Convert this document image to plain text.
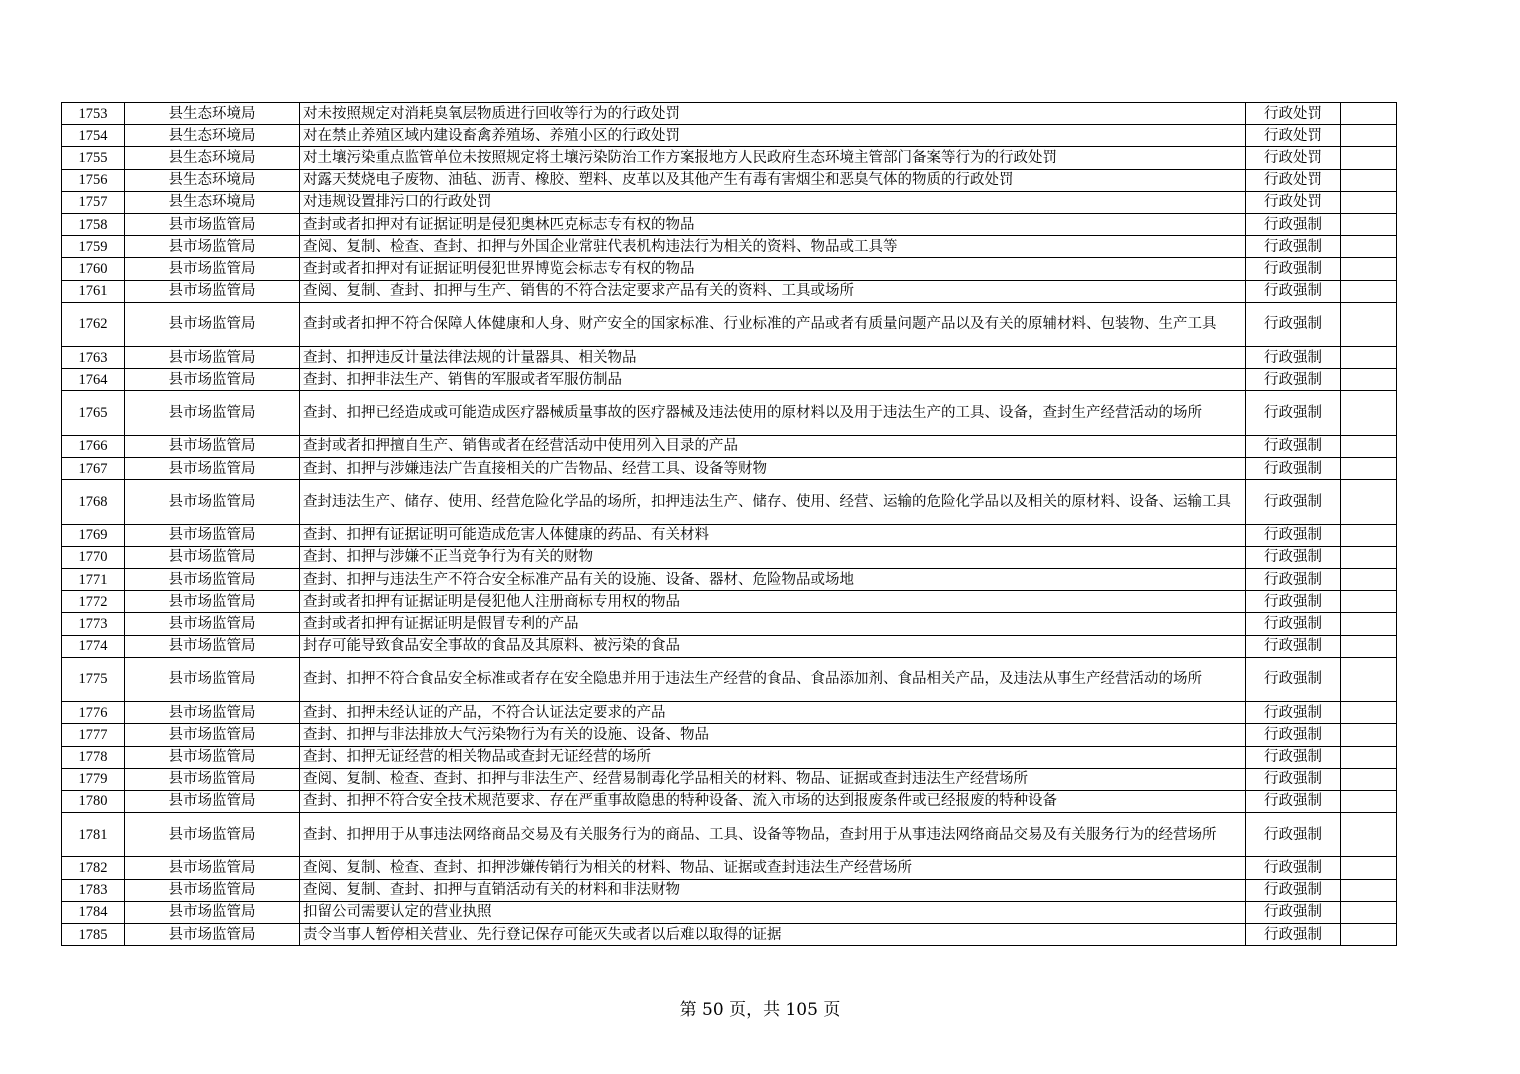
1753	县生态环境局	对未按照规定对消耗臭氧层物质进行回收等行为的行政处罚	行政处罚	
1754	县生态环境局	对在禁止养殖区域内建设畜禽养殖场、养殖小区的行政处罚	行政处罚	
1755	县生态环境局	对土壤污染重点监管单位未按照规定将土壤污染防治工作方案报地方人民政府生态环境主管部门备案等行为的行政处罚	行政处罚	
1756	县生态环境局	对露天焚烧电子废物、油毡、沥青、橡胶、塑料、皮革以及其他产生有毒有害烟尘和恶臭气体的物质的行政处罚	行政处罚	
1757	县生态环境局	对违规设置排污口的行政处罚	行政处罚	
1758	县市场监管局	查封或者扣押对有证据证明是侵犯奥林匹克标志专有权的物品	行政强制	
1759	县市场监管局	查阅、复制、检查、查封、扣押与外国企业常驻代表机构违法行为相关的资料、物品或工具等	行政强制	
1760	县市场监管局	查封或者扣押对有证据证明侵犯世界博览会标志专有权的物品	行政强制	
1761	县市场监管局	查阅、复制、查封、扣押与生产、销售的不符合法定要求产品有关的资料、工具或场所	行政强制	
1762	县市场监管局	查封或者扣押不符合保障人体健康和人身、财产安全的国家标准、行业标准的产品或者有质量问题产品以及有关的原辅材料、包装物、生产工具	行政强制	
1763	县市场监管局	查封、扣押违反计量法律法规的计量器具、相关物品	行政强制	
1764	县市场监管局	查封、扣押非法生产、销售的军服或者军服仿制品	行政强制	
1765	县市场监管局	查封、扣押已经造成或可能造成医疗器械质量事故的医疗器械及违法使用的原材料以及用于违法生产的工具、设备，查封生产经营活动的场所	行政强制	
1766	县市场监管局	查封或者扣押擅自生产、销售或者在经营活动中使用列入目录的产品	行政强制	
1767	县市场监管局	查封、扣押与涉嫌违法广告直接相关的广告物品、经营工具、设备等财物	行政强制	
1768	县市场监管局	查封违法生产、储存、使用、经营危险化学品的场所，扣押违法生产、储存、使用、经营、运输的危险化学品以及相关的原材料、设备、运输工具	行政强制	
1769	县市场监管局	查封、扣押有证据证明可能造成危害人体健康的药品、有关材料	行政强制	
1770	县市场监管局	查封、扣押与涉嫌不正当竞争行为有关的财物	行政强制	
1771	县市场监管局	查封、扣押与违法生产不符合安全标准产品有关的设施、设备、器材、危险物品或场地	行政强制	
1772	县市场监管局	查封或者扣押有证据证明是侵犯他人注册商标专用权的物品	行政强制	
1773	县市场监管局	查封或者扣押有证据证明是假冒专利的产品	行政强制	
1774	县市场监管局	封存可能导致食品安全事故的食品及其原料、被污染的食品	行政强制	
1775	县市场监管局	查封、扣押不符合食品安全标准或者存在安全隐患并用于违法生产经营的食品、食品添加剂、食品相关产品，及违法从事生产经营活动的场所	行政强制	
1776	县市场监管局	查封、扣押未经认证的产品，不符合认证法定要求的产品	行政强制	
1777	县市场监管局	查封、扣押与非法排放大气污染物行为有关的设施、设备、物品	行政强制	
1778	县市场监管局	查封、扣押无证经营的相关物品或查封无证经营的场所	行政强制	
1779	县市场监管局	查阅、复制、检查、查封、扣押与非法生产、经营易制毒化学品相关的材料、物品、证据或查封违法生产经营场所	行政强制	
1780	县市场监管局	查封、扣押不符合安全技术规范要求、存在严重事故隐患的特种设备、流入市场的达到报废条件或已经报废的特种设备	行政强制	
1781	县市场监管局	查封、扣押用于从事违法网络商品交易及有关服务行为的商品、工具、设备等物品，查封用于从事违法网络商品交易及有关服务行为的经营场所	行政强制	
1782	县市场监管局	查阅、复制、检查、查封、扣押涉嫌传销行为相关的材料、物品、证据或查封违法生产经营场所	行政强制	
1783	县市场监管局	查阅、复制、查封、扣押与直销活动有关的材料和非法财物	行政强制	
1784	县市场监管局	扣留公司需要认定的营业执照	行政强制	
1785	县市场监管局	责令当事人暂停相关营业、先行登记保存可能灭失或者以后难以取得的证据	行政强制	
第 50 页，共 105 页
